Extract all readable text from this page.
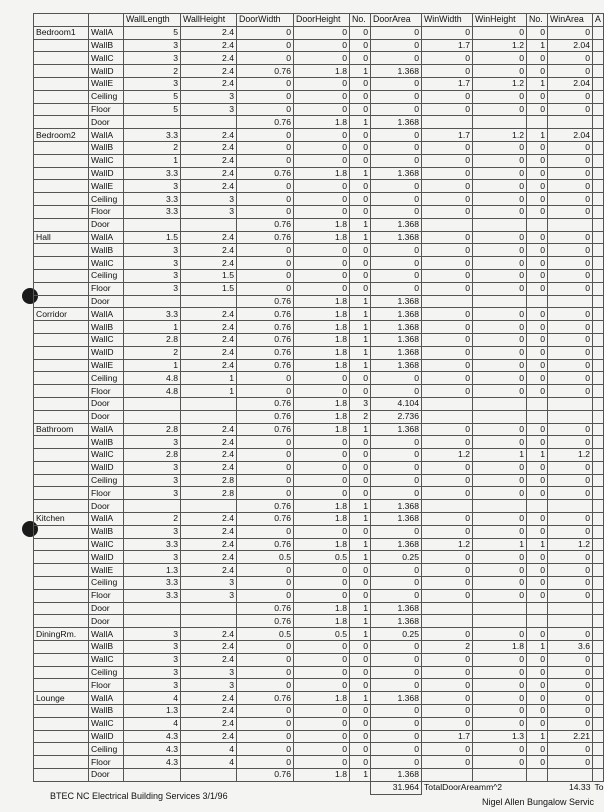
		WallLength	WallHeight	DoorWidth	DoorHeight	No.	DoorArea	WinWidth	WinHeight	No.	WinArea	A
Bedroom1	WallA	5	2.4	0	0	0	0	0	0	0	0	
	WallB	3	2.4	0	0	0	0	1.7	1.2	1	2.04	
	WallC	3	2.4	0	0	0	0	0	0	0	0	
	WallD	2	2.4	0.76	1.8	1	1.368	0	0	0	0	
	WallE	3	2.4	0	0	0	0	1.7	1.2	1	2.04	
	Ceiling	5	3	0	0	0	0	0	0	0	0	
	Floor	5	3	0	0	0	0	0	0	0	0	
	Door			0.76	1.8	1	1.368					
Bedroom2	WallA	3.3	2.4	0	0	0	0	1.7	1.2	1	2.04	
	WallB	2	2.4	0	0	0	0	0	0	0	0	
	WallC	1	2.4	0	0	0	0	0	0	0	0	
	WallD	3.3	2.4	0.76	1.8	1	1.368	0	0	0	0	
	WallE	3	2.4	0	0	0	0	0	0	0	0	
	Ceiling	3.3	3	0	0	0	0	0	0	0	0	
	Floor	3.3	3	0	0	0	0	0	0	0	0	
	Door			0.76	1.8	1	1.368					
Hall	WallA	1.5	2.4	0.76	1.8	1	1.368	0	0	0	0	
	WallB	3	2.4	0	0	0	0	0	0	0	0	
	WallC	3	2.4	0	0	0	0	0	0	0	0	
	Ceiling	3	1.5	0	0	0	0	0	0	0	0	
	Floor	3	1.5	0	0	0	0	0	0	0	0	
	Door			0.76	1.8	1	1.368					
Corridor	WallA	3.3	2.4	0.76	1.8	1	1.368	0	0	0	0	
	WallB	1	2.4	0.76	1.8	1	1.368	0	0	0	0	
	WallC	2.8	2.4	0.76	1.8	1	1.368	0	0	0	0	
	WallD	2	2.4	0.76	1.8	1	1.368	0	0	0	0	
	WallE	1	2.4	0.76	1.8	1	1.368	0	0	0	0	
	Ceiling	4.8	1	0	0	0	0	0	0	0	0	
	Floor	4.8	1	0	0	0	0	0	0	0	0	
	Door			0.76	1.8	3	4.104					
	Door			0.76	1.8	2	2.736					
Bathroom	WallA	2.8	2.4	0.76	1.8	1	1.368	0	0	0	0	
	WallB	3	2.4	0	0	0	0	0	0	0	0	
	WallC	2.8	2.4	0	0	0	0	1.2	1	1	1.2	
	WallD	3	2.4	0	0	0	0	0	0	0	0	
	Ceiling	3	2.8	0	0	0	0	0	0	0	0	
	Floor	3	2.8	0	0	0	0	0	0	0	0	
	Door			0.76	1.8	1	1.368					
Kitchen	WallA	2	2.4	0.76	1.8	1	1.368	0	0	0	0	
	WallB	3	2.4	0	0	0	0	0	0	0	0	
	WallC	3.3	2.4	0.76	1.8	1	1.368	1.2	1	1	1.2	
	WallD	3	2.4	0.5	0.5	1	0.25	0	0	0	0	
	WallE	1.3	2.4	0	0	0	0	0	0	0	0	
	Ceiling	3.3	3	0	0	0	0	0	0	0	0	
	Floor	3.3	3	0	0	0	0	0	0	0	0	
	Door			0.76	1.8	1	1.368					
	Door			0.76	1.8	1	1.368					
DiningRm.	WallA	3	2.4	0.5	0.5	1	0.25	0	0	0	0	
	WallB	3	2.4	0	0	0	0	2	1.8	1	3.6	
	WallC	3	2.4	0	0	0	0	0	0	0	0	
	Ceiling	3	3	0	0	0	0	0	0	0	0	
	Floor	3	3	0	0	0	0	0	0	0	0	
Lounge	WallA	4	2.4	0.76	1.8	1	1.368	0	0	0	0	
	WallB	1.3	2.4	0	0	0	0	0	0	0	0	
	WallC	4	2.4	0	0	0	0	0	0	0	0	
	WallD	4.3	2.4	0	0	0	0	1.7	1.3	1	2.21	
	Ceiling	4.3	4	0	0	0	0	0	0	0	0	
	Floor	4.3	4	0	0	0	0	0	0	0	0	
	Door			0.76	1.8	1	1.368					
							31.964	TotalDoorAreamm^2			14.33	To
BTEC NC Electrical Building Services 3/1/96
Nigel Allen Bungalow Servic
